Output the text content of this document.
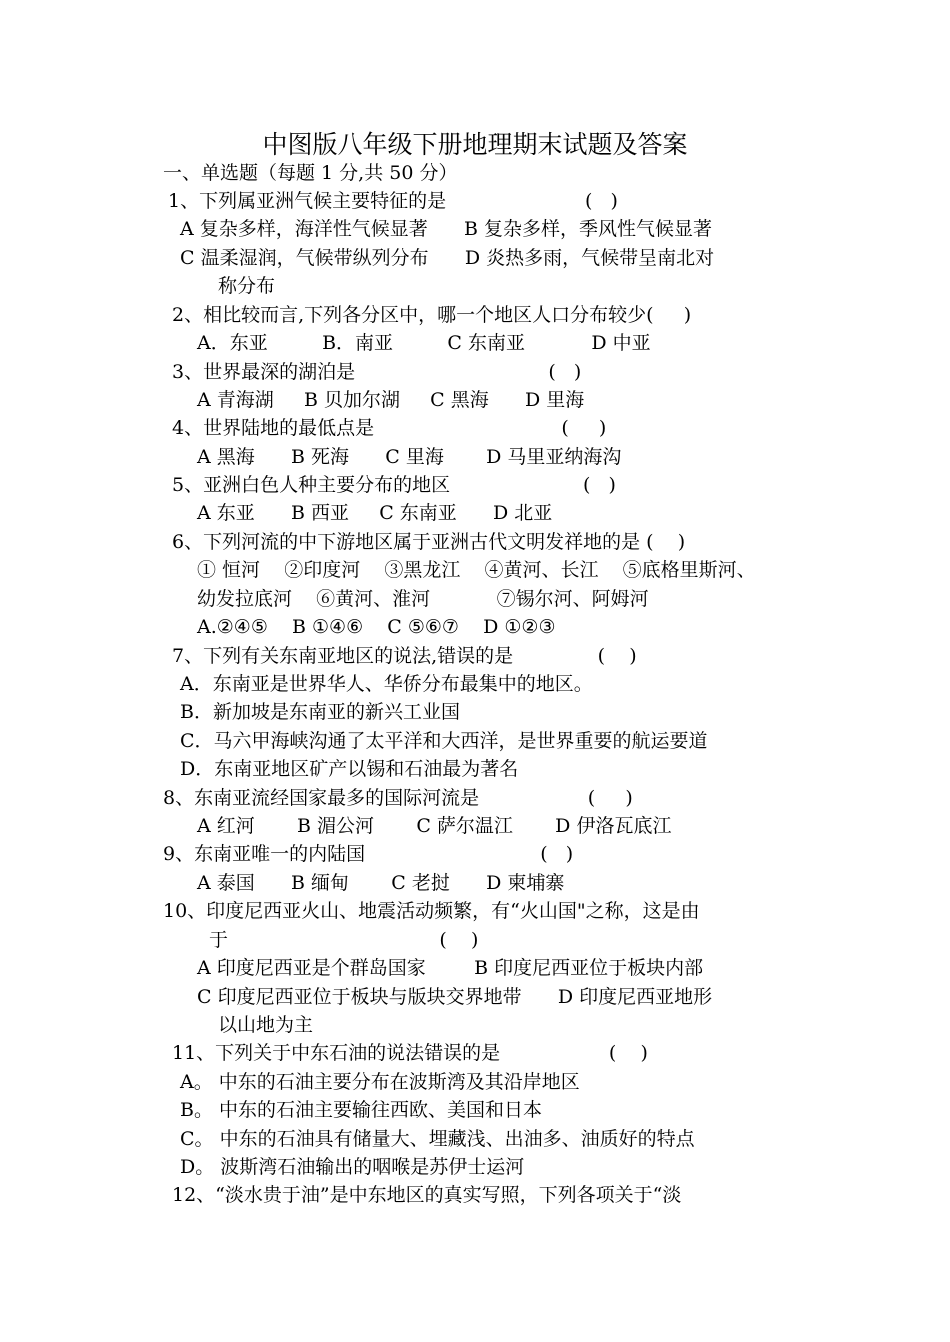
中图版八年级下册地理期末试题及答案
一、单选题（每题 1 分,共 50 分）
1、下列属亚洲气候主要特征的是                       (   )
A 复杂多样，海洋性气候显著      B 复杂多样，季风性气候显著
C 温柔湿润，气候带纵列分布      D 炎热多雨，气候带呈南北对
称分布
2、相比较而言,下列各分区中，哪一个地区人口分布较少(     )
A．东亚         B．南亚         C 东南亚           D 中亚
3、世界最深的湖泊是                                (   )
A 青海湖     B 贝加尔湖     C 黑海      D 里海
4、世界陆地的最低点是                               (     )
A 黑海      B 死海      C 里海       D 马里亚纳海沟
5、亚洲白色人种主要分布的地区                      (   )
A 东亚      B 西亚     C 东南亚      D 北亚
6、下列河流的中下游地区属于亚洲古代文明发祥地的是 (    )
① 恒河    ②印度河    ③黑龙江    ④黄河、长江    ⑤底格里斯河、
幼发拉底河    ⑥黄河、淮河           ⑦锡尔河、阿姆河
A.②④⑤    B ①④⑥    C ⑤⑥⑦    D ①②③
7、下列有关东南亚地区的说法,错误的是              (    )
A．东南亚是世界华人、华侨分布最集中的地区。
B．新加坡是东南亚的新兴工业国
C．马六甲海峡沟通了太平洋和大西洋，是世界重要的航运要道
D．东南亚地区矿产以锡和石油最为著名
8、东南亚流经国家最多的国际河流是                  (     )
A 红河       B 湄公河       C 萨尔温江       D 伊洛瓦底江
9、东南亚唯一的内陆国                             (   )
A 泰国      B 缅甸       C 老挝      D 柬埔寨
10、印度尼西亚火山、地震活动频繁，有“火山国"之称，这是由
于                                   (    )
A 印度尼西亚是个群岛国家        B 印度尼西亚位于板块内部
C 印度尼西亚位于板块与版块交界地带      D 印度尼西亚地形
以山地为主
11、下列关于中东石油的说法错误的是                  (    )
A。 中东的石油主要分布在波斯湾及其沿岸地区
B。 中东的石油主要输往西欧、美国和日本
C。 中东的石油具有储量大、埋藏浅、出油多、油质好的特点
D。 波斯湾石油输出的咽喉是苏伊士运河
12、“淡水贵于油”是中东地区的真实写照，下列各项关于“淡
